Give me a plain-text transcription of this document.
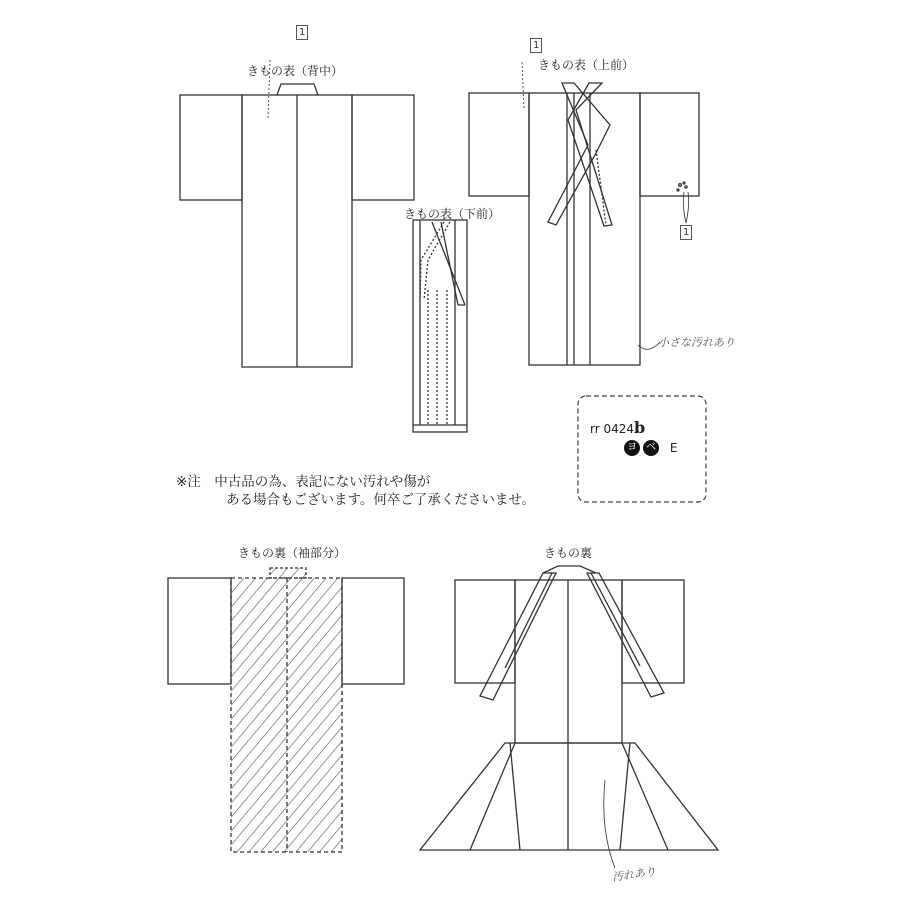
きもの表（背中）	きもの表（上前）
きもの表（下前）
きもの裏（袖部分）	きもの裏
1
1
1
小さな汚れあり
汚れあり
rr 0424b
ヨ ベ E
※注　中古品の為、表記にない汚れや傷が
ある場合もございます。何卒ご了承くださいませ。
